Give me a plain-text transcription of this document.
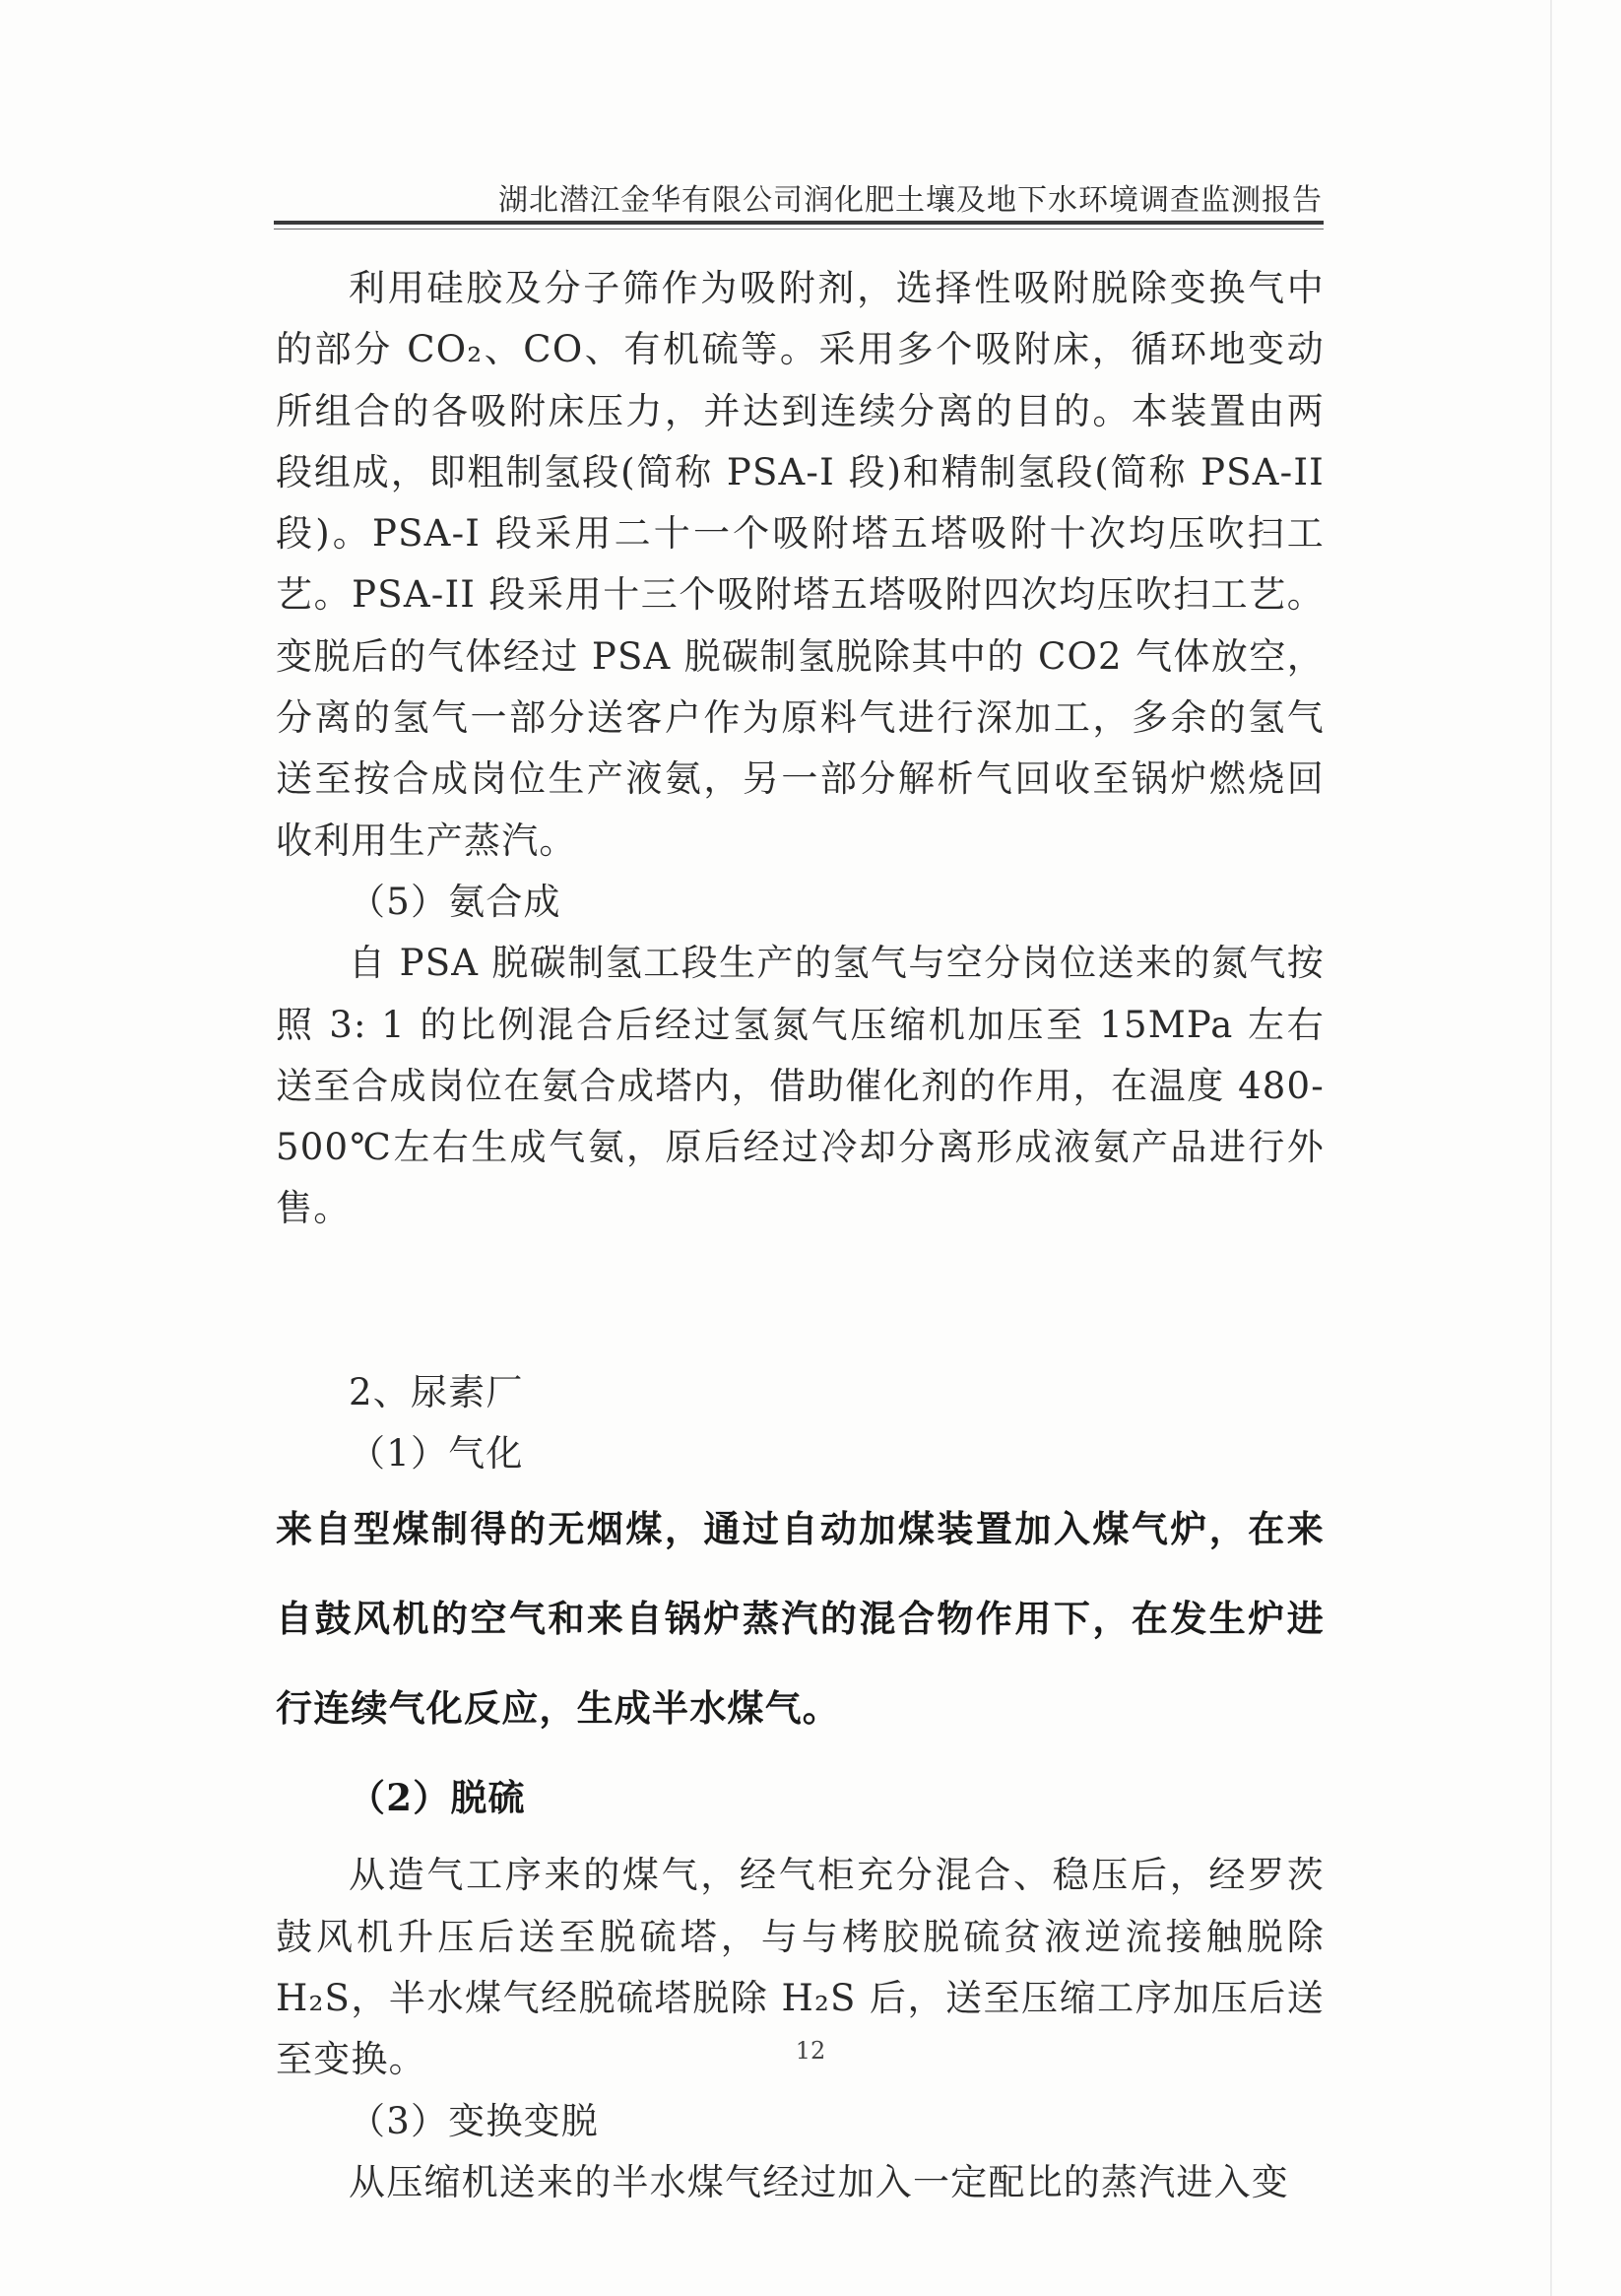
湖北潜江金华有限公司润化肥土壤及地下水环境调查监测报告

利用硅胶及分子筛作为吸附剂，选择性吸附脱除变换气中的部分 CO₂、CO、有机硫等。采用多个吸附床，循环地变动所组合的各吸附床压力，并达到连续分离的目的。本装置由两段组成，即粗制氢段(简称 PSA-I 段)和精制氢段(简称 PSA-II 段)。PSA-I 段采用二十一个吸附塔五塔吸附十次均压吹扫工艺。PSA-II 段采用十三个吸附塔五塔吸附四次均压吹扫工艺。 变脱后的气体经过 PSA 脱碳制氢脱除其中的 CO2 气体放空，分离的氢气一部分送客户作为原料气进行深加工，多余的氢气送至按合成岗位生产液氨，另一部分解析气回收至锅炉燃烧回收利用生产蒸汽。

（5）氨合成

自 PSA 脱碳制氢工段生产的氢气与空分岗位送来的氮气按照 3: 1 的比例混合后经过氢氮气压缩机加压至 15MPa 左右送至合成岗位在氨合成塔内，借助催化剂的作用，在温度 480-500℃左右生成气氨，原后经过冷却分离形成液氨产品进行外售。

2、尿素厂

（1）气化

来自型煤制得的无烟煤，通过自动加煤装置加入煤气炉，在来自鼓风机的空气和来自锅炉蒸汽的混合物作用下，在发生炉进行连续气化反应，生成半水煤气。

（2）脱硫

从造气工序来的煤气，经气柜充分混合、稳压后，经罗茨鼓风机升压后送至脱硫塔，与与栲胶脱硫贫液逆流接触脱除 H₂S，半水煤气经脱硫塔脱除 H₂S 后，送至压缩工序加压后送至变换。

（3）变换变脱

从压缩机送来的半水煤气经过加入一定配比的蒸汽进入变

12
